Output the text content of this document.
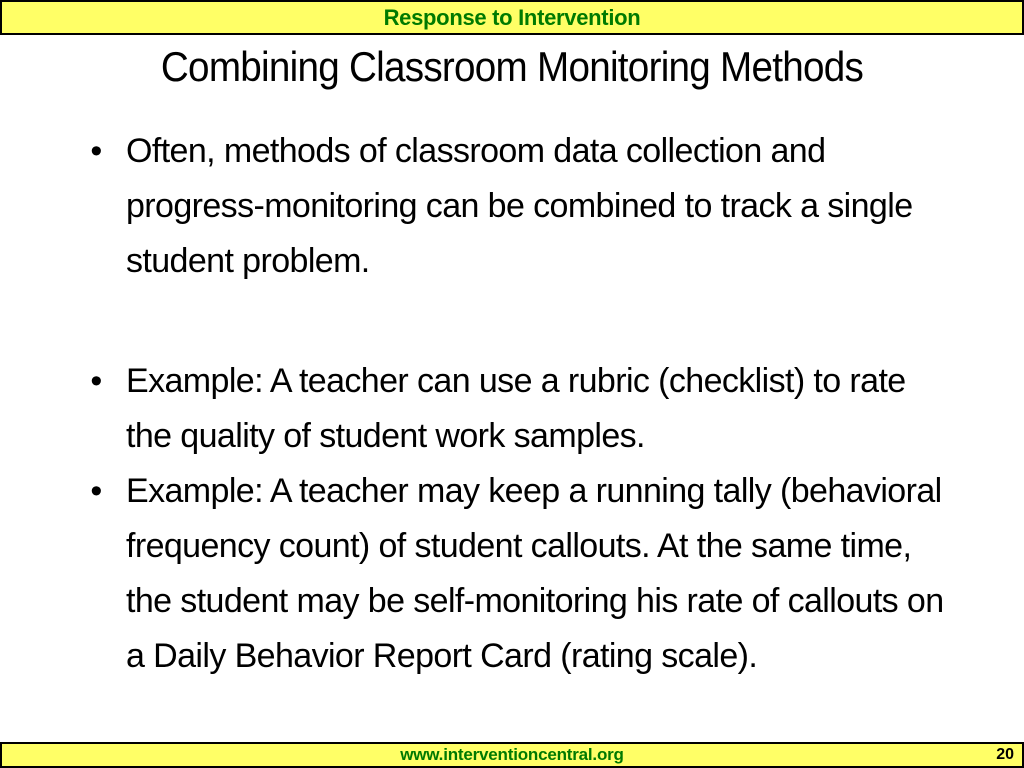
Response to Intervention
Combining Classroom Monitoring Methods
• Often, methods of classroom data collection and progress-monitoring can be combined to track a single student problem.
• Example: A teacher can use a rubric (checklist) to rate the quality of student work samples.
• Example: A teacher may keep a running tally (behavioral frequency count) of student callouts. At the same time, the student may be self-monitoring his rate of callouts on a Daily Behavior Report Card (rating scale).
www.interventioncentral.org	20
